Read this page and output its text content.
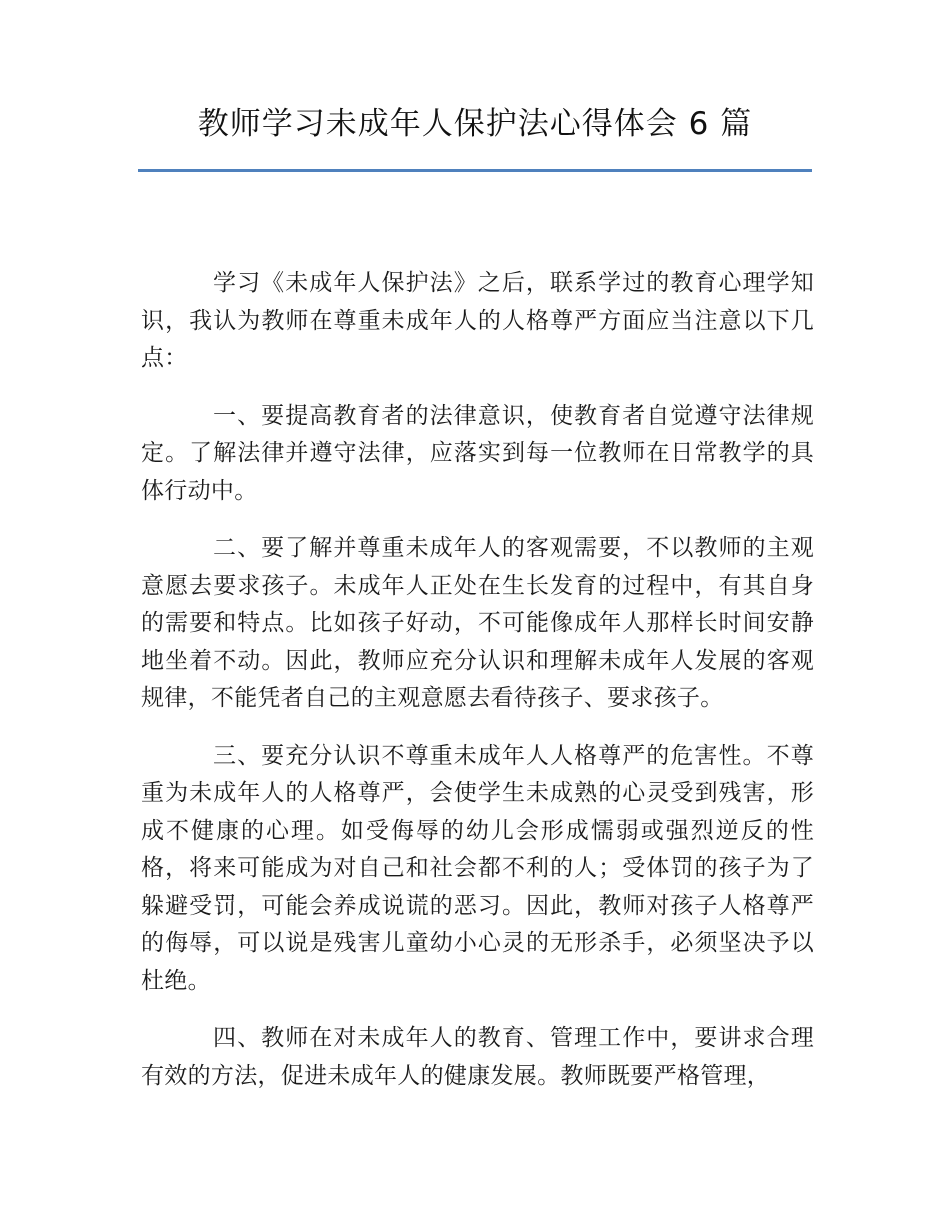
教师学习未成年人保护法心得体会 6 篇

学习《未成年人保护法》之后，联系学过的教育心理学知识，我认为教师在尊重未成年人的人格尊严方面应当注意以下几点：

一、要提高教育者的法律意识，使教育者自觉遵守法律规定。了解法律并遵守法律，应落实到每一位教师在日常教学的具体行动中。

二、要了解并尊重未成年人的客观需要，不以教师的主观意愿去要求孩子。未成年人正处在生长发育的过程中，有其自身的需要和特点。比如孩子好动，不可能像成年人那样长时间安静地坐着不动。因此，教师应充分认识和理解未成年人发展的客观规律，不能凭者自己的主观意愿去看待孩子、要求孩子。

三、要充分认识不尊重未成年人人格尊严的危害性。不尊重为未成年人的人格尊严，会使学生未成熟的心灵受到残害，形成不健康的心理。如受侮辱的幼儿会形成懦弱或强烈逆反的性格，将来可能成为对自己和社会都不利的人；受体罚的孩子为了躲避受罚，可能会养成说谎的恶习。因此，教师对孩子人格尊严的侮辱，可以说是残害儿童幼小心灵的无形杀手，必须坚决予以杜绝。

四、教师在对未成年人的教育、管理工作中，要讲求合理有效的方法，促进未成年人的健康发展。教师既要严格管理，
